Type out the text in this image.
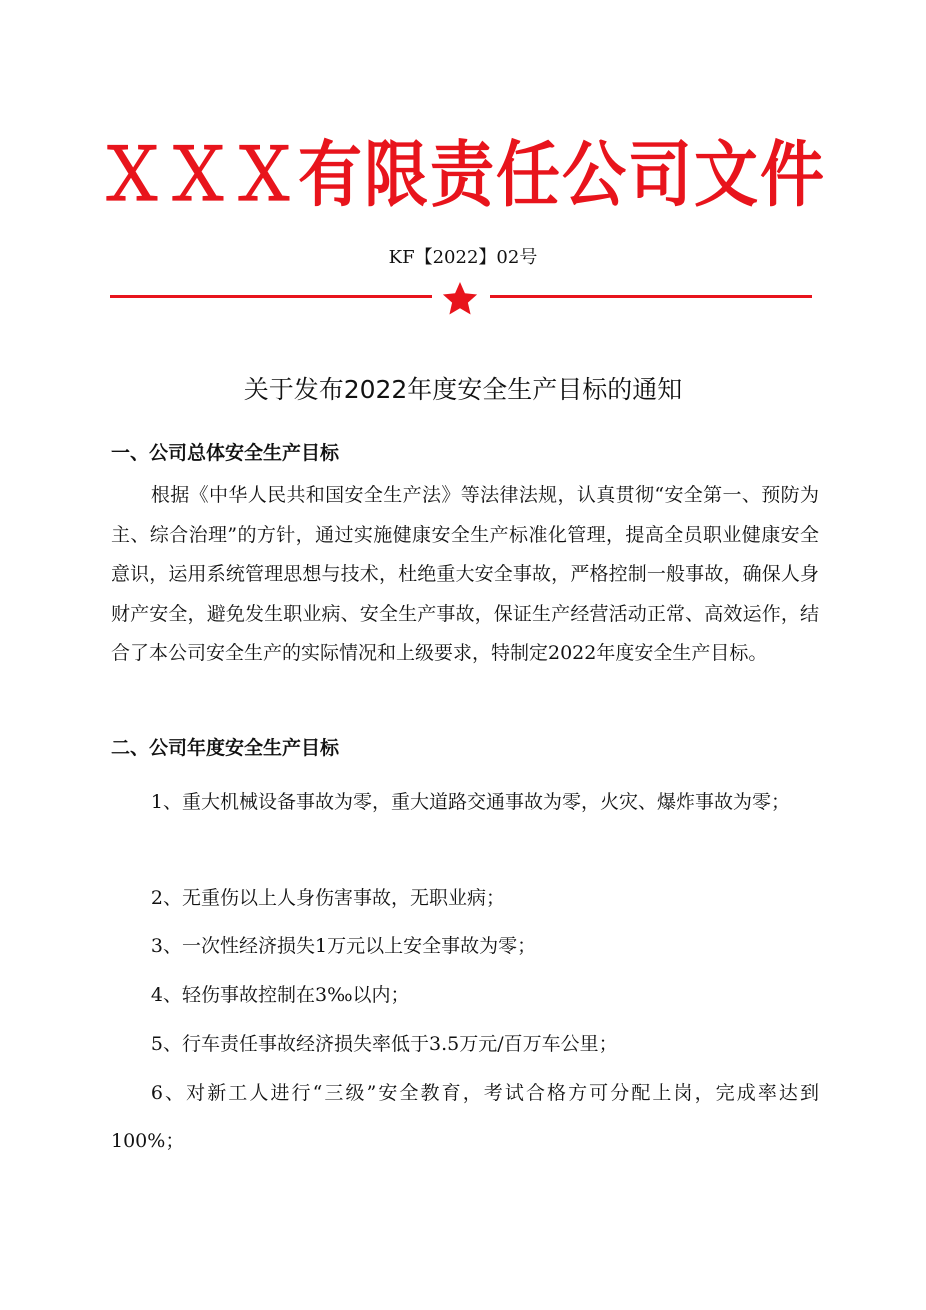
ＸＸＸ有限责任公司文件
KF【2022】02号
关于发布2022年度安全生产目标的通知
一、公司总体安全生产目标
根据《中华人民共和国安全生产法》等法律法规，认真贯彻“安全第一、预防为主、综合治理”的方针，通过实施健康安全生产标准化管理，提高全员职业健康安全意识，运用系统管理思想与技术，杜绝重大安全事故，严格控制一般事故，确保人身财产安全，避免发生职业病、安全生产事故，保证生产经营活动正常、高效运作，结合了本公司安全生产的实际情况和上级要求，特制定2022年度安全生产目标。
二、公司年度安全生产目标
1、重大机械设备事故为零，重大道路交通事故为零，火灾、爆炸事故为零；
2、无重伤以上人身伤害事故，无职业病；
3、一次性经济损失1万元以上安全事故为零；
4、轻伤事故控制在3‰以内；
5、行车责任事故经济损失率低于3.5万元/百万车公里；
6、对新工人进行“三级”安全教育，考试合格方可分配上岗，完成率达到100%；
